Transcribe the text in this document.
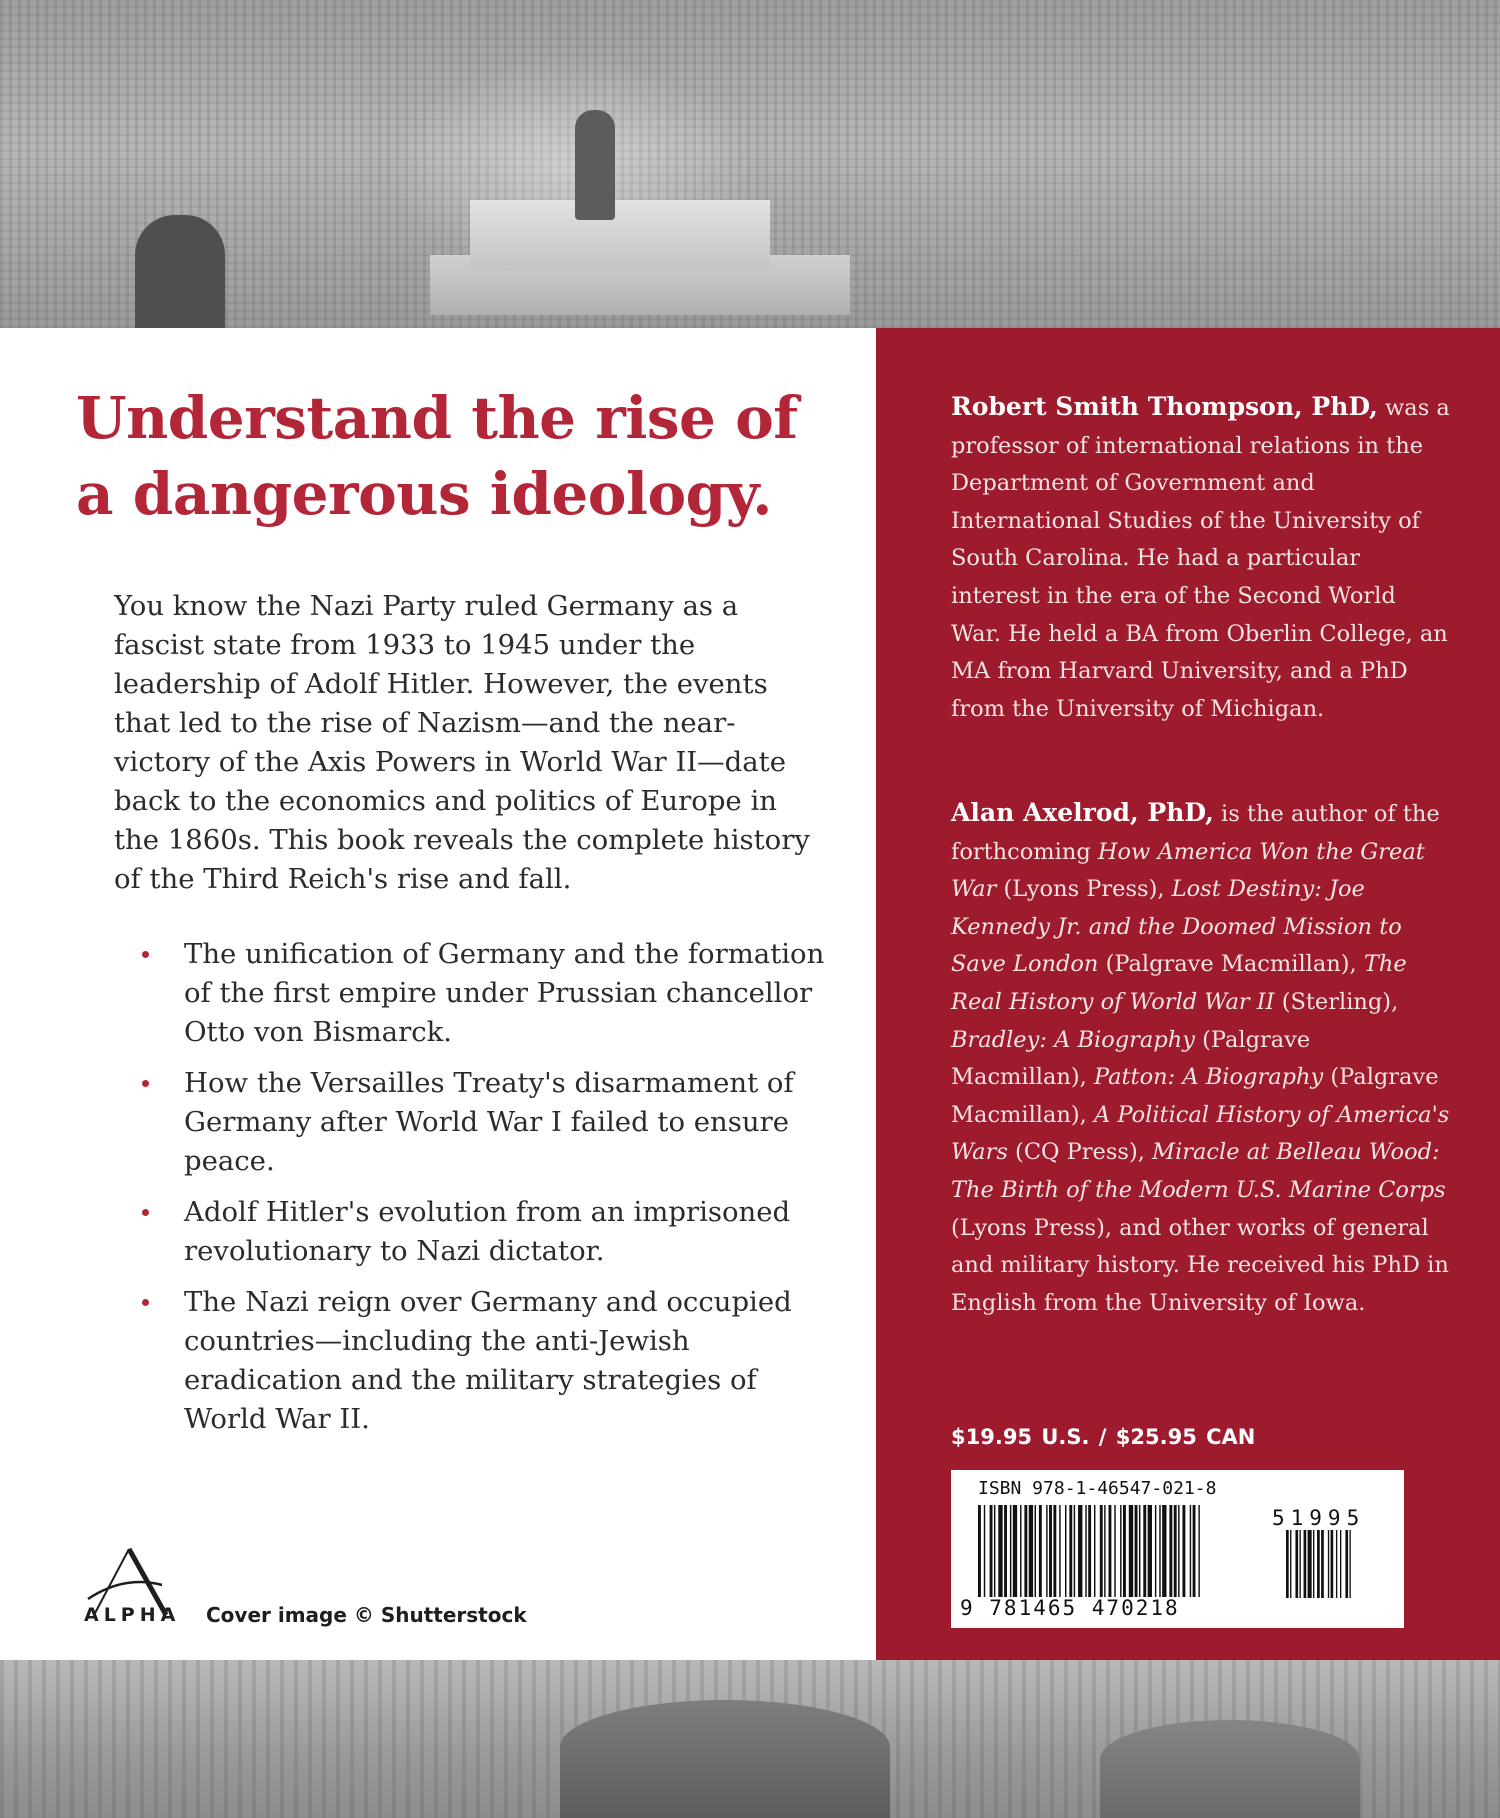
Understand the rise of
a dangerous ideology.

You know the Nazi Party ruled Germany as a fascist state from 1933 to 1945 under the leadership of Adolf Hitler. However, the events that led to the rise of Nazism—and the near-victory of the Axis Powers in World War II—date back to the economics and politics of Europe in the 1860s. This book reveals the complete history of the Third Reich's rise and fall.

The unification of Germany and the formation of the first empire under Prussian chancellor Otto von Bismarck.
How the Versailles Treaty's disarmament of Germany after World War I failed to ensure peace.
Adolf Hitler's evolution from an imprisoned revolutionary to Nazi dictator.
The Nazi reign over Germany and occupied countries—including the anti-Jewish eradication and the military strategies of World War II.
ALPHA Cover image © Shutterstock

Robert Smith Thompson, PhD, was a professor of international relations in the Department of Government and International Studies of the University of South Carolina. He had a particular interest in the era of the Second World War. He held a BA from Oberlin College, an MA from Harvard University, and a PhD from the University of Michigan.

Alan Axelrod, PhD, is the author of the forthcoming How America Won the Great War (Lyons Press), Lost Destiny: Joe Kennedy Jr. and the Doomed Mission to Save London (Palgrave Macmillan), The Real History of World War II (Sterling), Bradley: A Biography (Palgrave Macmillan), Patton: A Biography (Palgrave Macmillan), A Political History of America's Wars (CQ Press), Miracle at Belleau Wood: The Birth of the Modern U.S. Marine Corps (Lyons Press), and other works of general and military history. He received his PhD in English from the University of Iowa.

$19.95 U.S. / $25.95 CAN
ISBN 978-1-46547-021-8
9 781465 470218
51995
